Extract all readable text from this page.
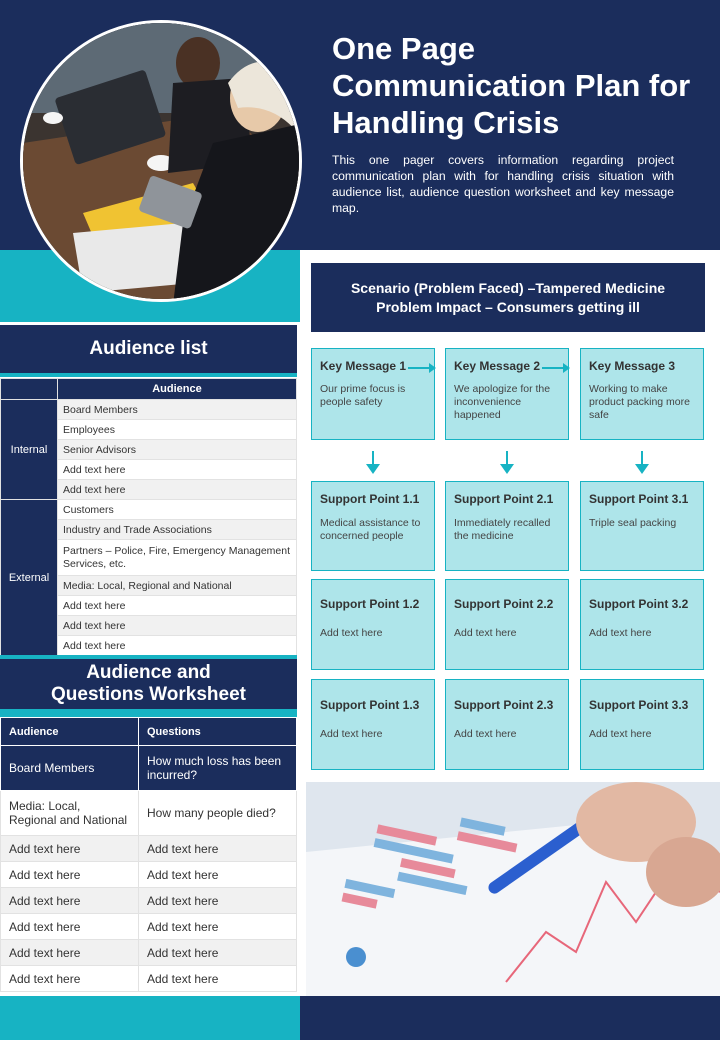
One Page Communication Plan for Handling Crisis
This one pager covers information regarding project communication plan with for handling crisis situation with audience list, audience question worksheet and key message map.
Audience list
	Audience
Internal	Board Members
	Employees
	Senior Advisors
	Add text here
	Add text here
External	Customers
	Industry and Trade Associations
	Partners – Police, Fire, Emergency Management Services, etc.
	Media: Local, Regional and National
	Add text here
	Add text here
	Add text here
Audience and
Questions Worksheet
Audience	Questions
Board Members	How much loss has been incurred?
Media: Local, Regional and National	How many people died?
Add text here	Add text here
Add text here	Add text here
Add text here	Add text here
Add text here	Add text here
Add text here	Add text here
Add text here	Add text here
Scenario (Problem Faced) –Tampered Medicine
Problem Impact – Consumers getting ill
Key Message 1
Our prime focus is people safety
Key Message 2
We apologize for the inconvenience happened
Key Message 3
Working to make product packing more safe
Support Point 1.1
Medical assistance to concerned people
Support Point 2.1
Immediately recalled the medicine
Support Point 3.1
Triple seal packing
Support Point 1.2
Add text here
Support Point 2.2
Add text here
Support Point 3.2
Add text here
Support Point 1.3
Add text here
Support Point 2.3
Add text here
Support Point 3.3
Add text here
